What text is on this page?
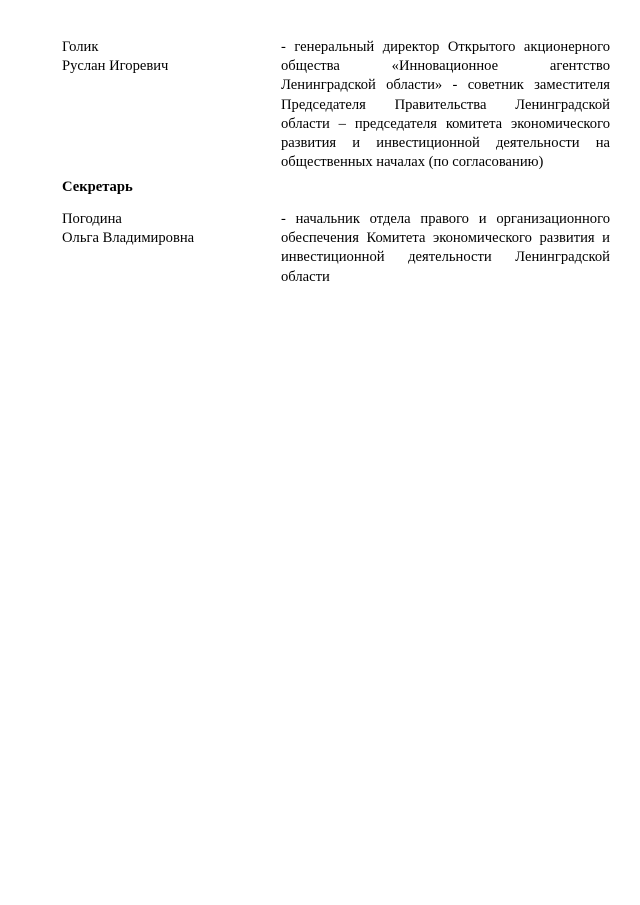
Голик
Руслан Игоревич
- генеральный директор Открытого акционерного общества «Инновационное агентство Ленинградской области» - советник заместителя Председателя Правительства Ленинградской области – председателя комитета экономического развития и инвестиционной деятельности на общественных началах (по согласованию)
Секретарь
Погодина
Ольга Владимировна
- начальник отдела правого и организационного обеспечения Комитета экономического развития и инвестиционной деятельности Ленинградской области
